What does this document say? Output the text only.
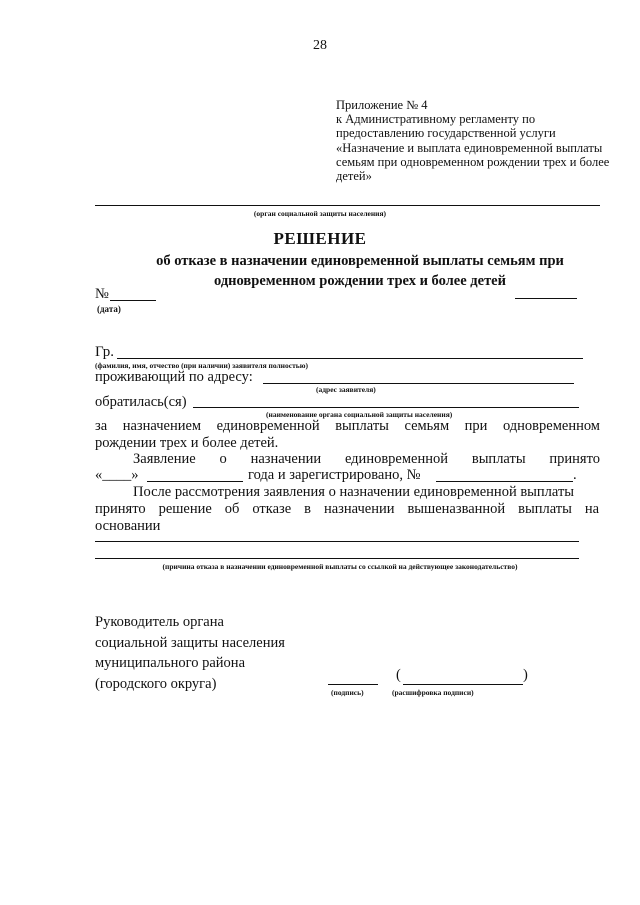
28
Приложение № 4
к Административному регламенту по
предоставлению государственной услуги
«Назначение и выплата единовременной выплаты
семьям при одновременном рождении трех и более
детей»
(орган социальной защиты населения)
РЕШЕНИЕ
об отказе в назначении единовременной выплаты семьям при
одновременном рождении трех и более детей
№
(дата)
Гр.
(фамилия, имя, отчество (при наличии) заявителя полностью)
проживающий по адресу:
(адрес заявителя)
обратилась(ся)
(наименование органа социальной защиты населения)
за назначением единовременной выплаты семьям при одновременном
рождении трех и более детей.
Заявление о назначении единовременной выплаты принято
«____»	года и зарегистрировано, №	.
После рассмотрения заявления о назначении единовременной выплаты
принято решение об отказе в назначении вышеназванной выплаты на
основании
(причина отказа в назначении единовременной выплаты со ссылкой на действующее законодательство)
Руководитель органа
социальной защиты населения
муниципального района
(городского округа)
(подпись)
(	)
(расшифровка подписи)
